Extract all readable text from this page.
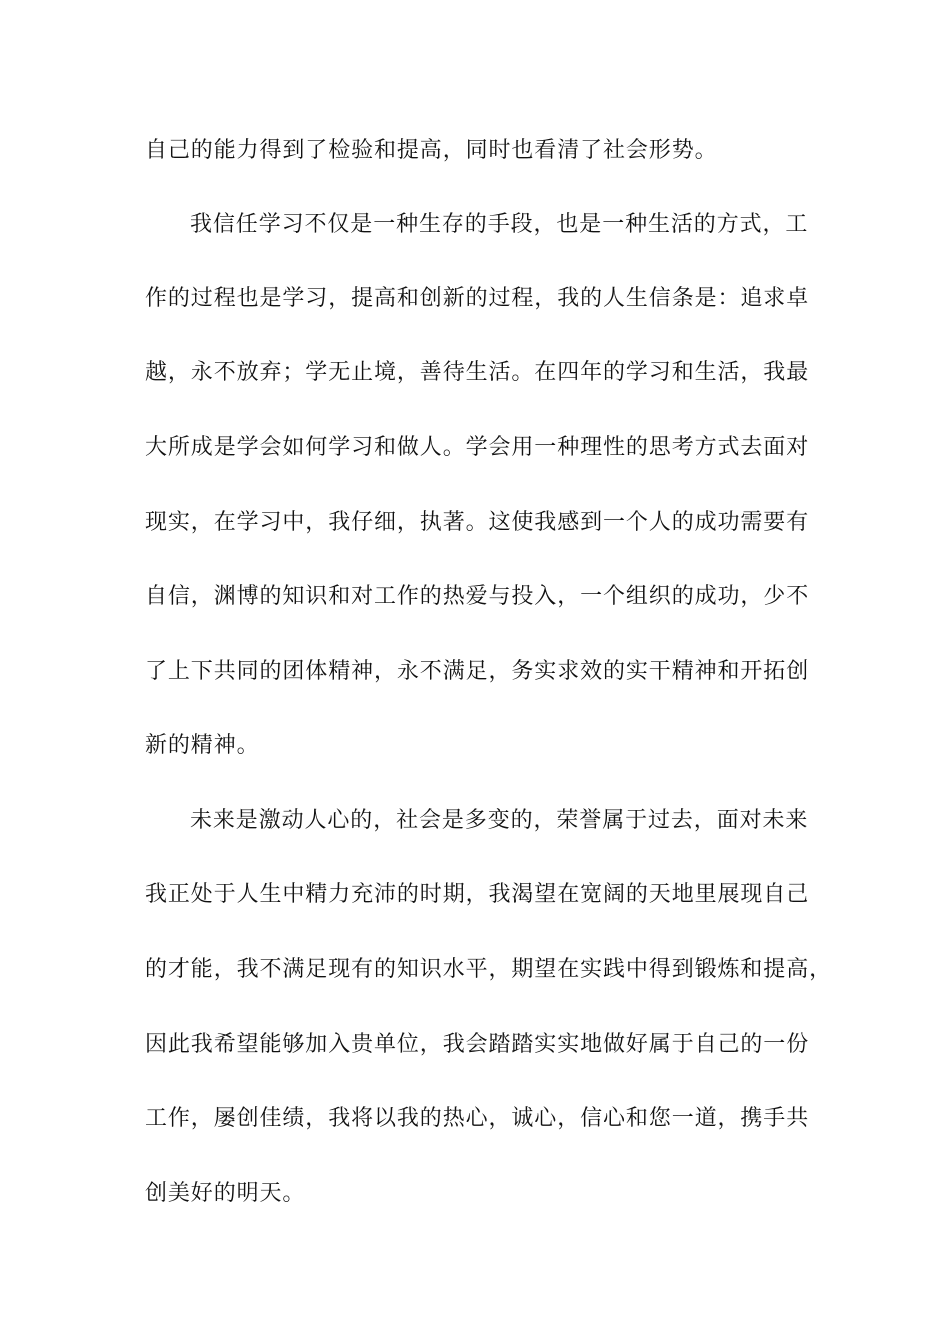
自己的能力得到了检验和提高，同时也看清了社会形势。
我信任学习不仅是一种生存的手段，也是一种生活的方式，工
作的过程也是学习，提高和创新的过程，我的人生信条是：追求卓
越，永不放弃；学无止境，善待生活。在四年的学习和生活，我最
大所成是学会如何学习和做人。学会用一种理性的思考方式去面对
现实，在学习中，我仔细，执著。这使我感到一个人的成功需要有
自信，渊博的知识和对工作的热爱与投入，一个组织的成功，少不
了上下共同的团体精神，永不满足，务实求效的实干精神和开拓创
新的精神。
未来是激动人心的，社会是多变的，荣誉属于过去，面对未来
我正处于人生中精力充沛的时期，我渴望在宽阔的天地里展现自己
的才能，我不满足现有的知识水平，期望在实践中得到锻炼和提高，
因此我希望能够加入贵单位，我会踏踏实实地做好属于自己的一份
工作，屡创佳绩，我将以我的热心，诚心，信心和您一道，携手共
创美好的明天。
